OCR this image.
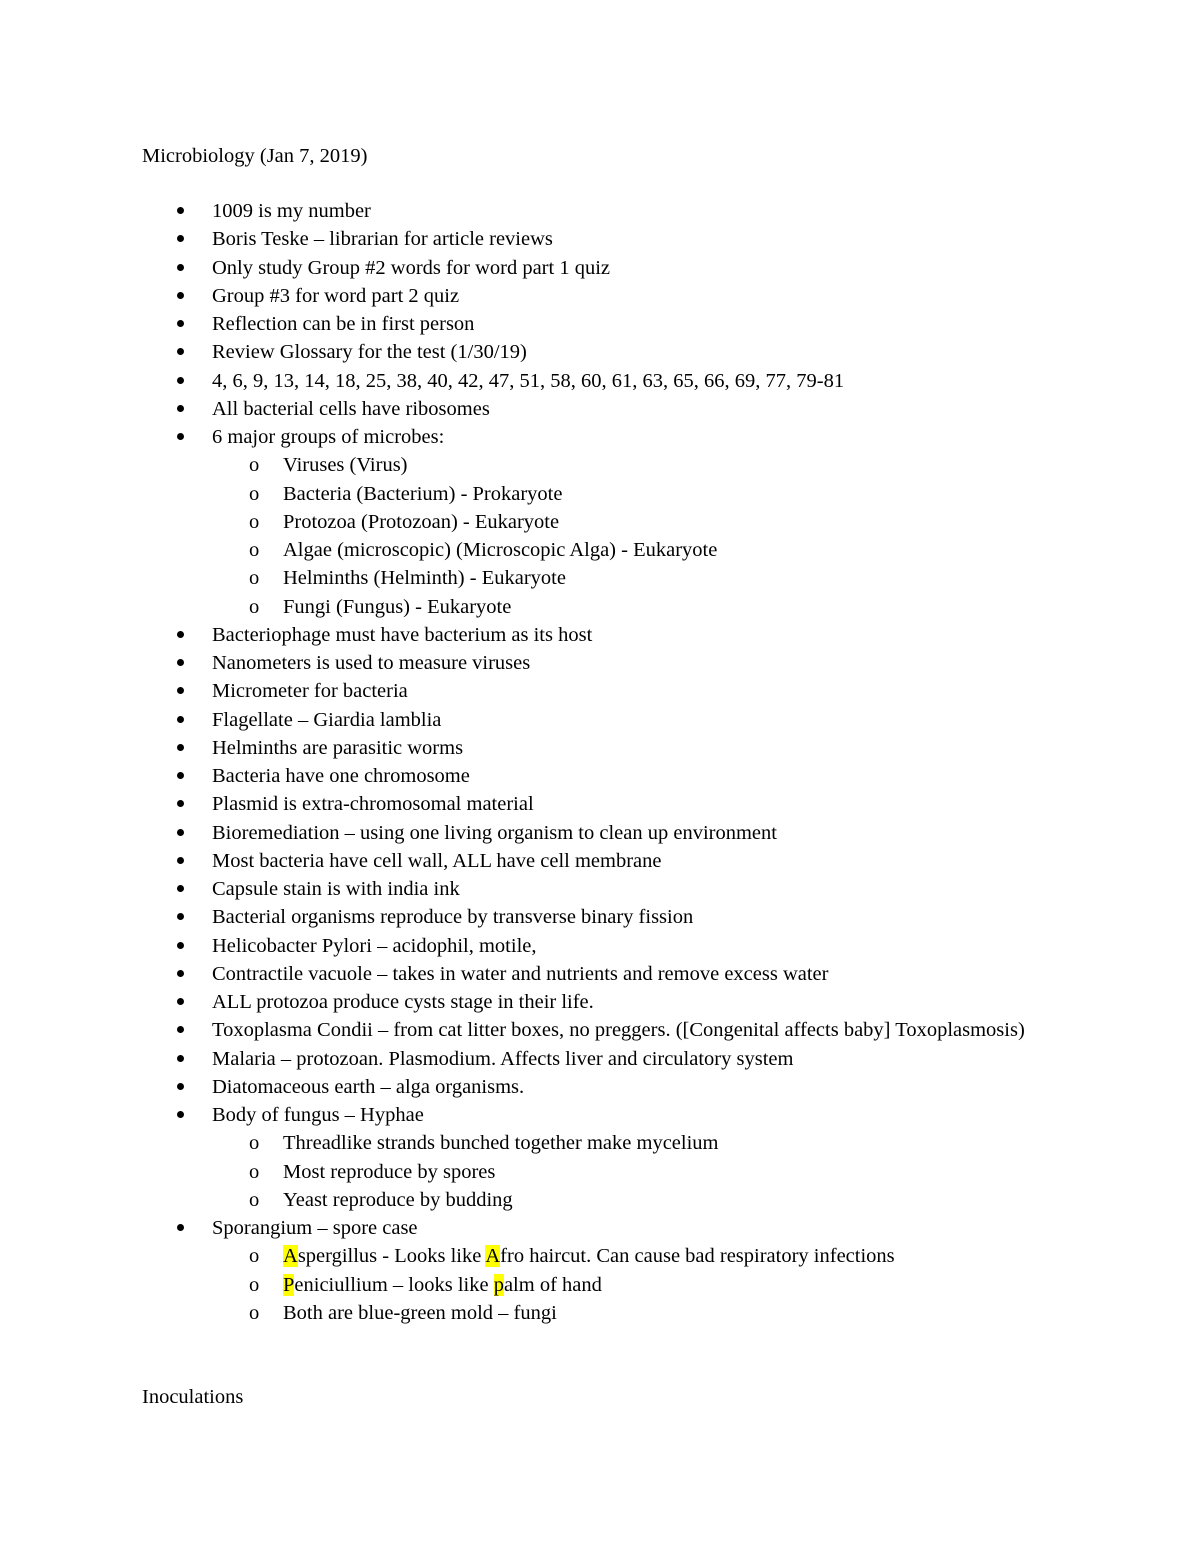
Microbiology (Jan 7, 2019)
1009 is my number
Boris Teske – librarian for article reviews
Only study Group #2 words for word part 1 quiz
Group #3 for word part 2 quiz
Reflection can be in first person
Review Glossary for the test (1/30/19)
4, 6, 9, 13, 14, 18, 25, 38, 40, 42, 47, 51, 58, 60, 61, 63, 65, 66, 69, 77, 79-81
All bacterial cells have ribosomes
6 major groups of microbes:
o Viruses (Virus)
o Bacteria (Bacterium) - Prokaryote
o Protozoa (Protozoan) - Eukaryote
o Algae (microscopic) (Microscopic Alga) - Eukaryote
o Helminths (Helminth) - Eukaryote
o Fungi (Fungus) - Eukaryote
Bacteriophage must have bacterium as its host
Nanometers is used to measure viruses
Micrometer for bacteria
Flagellate – Giardia lamblia
Helminths are parasitic worms
Bacteria have one chromosome
Plasmid is extra-chromosomal material
Bioremediation – using one living organism to clean up environment
Most bacteria have cell wall, ALL have cell membrane
Capsule stain is with india ink
Bacterial organisms reproduce by transverse binary fission
Helicobacter Pylori – acidophil, motile,
Contractile vacuole – takes in water and nutrients and remove excess water
ALL protozoa produce cysts stage in their life.
Toxoplasma Condii – from cat litter boxes, no preggers. ([Congenital affects baby] Toxoplasmosis)
Malaria – protozoan. Plasmodium. Affects liver and circulatory system
Diatomaceous earth – alga organisms.
Body of fungus – Hyphae
o Threadlike strands bunched together make mycelium
o Most reproduce by spores
o Yeast reproduce by budding
Sporangium – spore case
o Aspergillus - Looks like Afro haircut. Can cause bad respiratory infections
o Peniciullium – looks like palm of hand
o Both are blue-green mold – fungi
Inoculations
